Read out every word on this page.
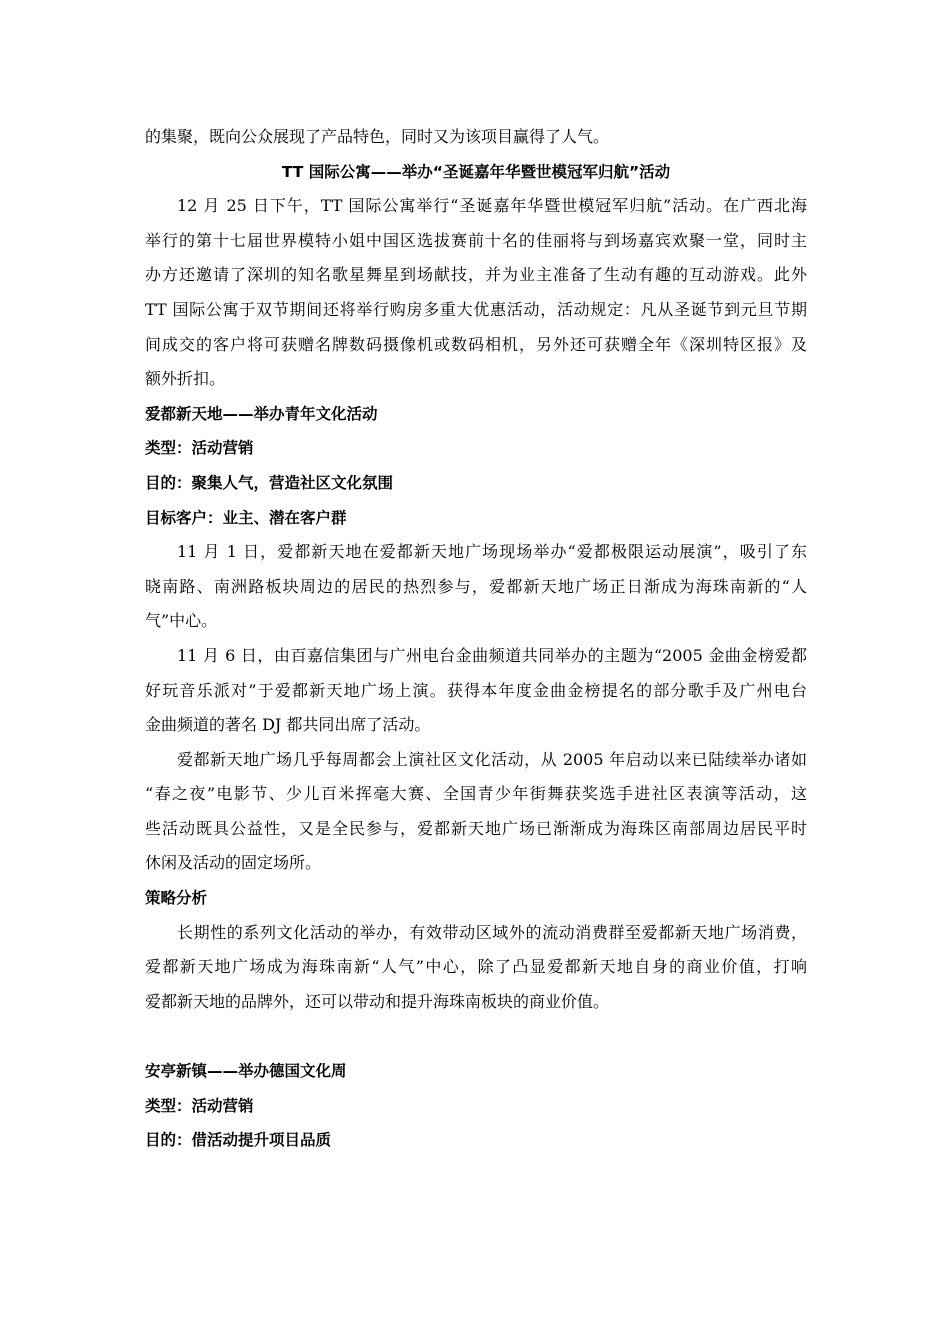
的集聚，既向公众展现了产品特色，同时又为该项目赢得了人气。

TT 国际公寓——举办“圣诞嘉年华暨世模冠军归航”活动

12 月 25 日下午，TT 国际公寓举行“圣诞嘉年华暨世模冠军归航”活动。在广西北海

举行的第十七届世界模特小姐中国区选拔赛前十名的佳丽将与到场嘉宾欢聚一堂，同时主

办方还邀请了深圳的知名歌星舞星到场献技，并为业主准备了生动有趣的互动游戏。此外

TT 国际公寓于双节期间还将举行购房多重大优惠活动，活动规定：凡从圣诞节到元旦节期

间成交的客户将可获赠名牌数码摄像机或数码相机，另外还可获赠全年《深圳特区报》及

额外折扣。

爱都新天地——举办青年文化活动

类型：活动营销

目的：聚集人气，营造社区文化氛围

目标客户：业主、潜在客户群

11 月 1 日，爱都新天地在爱都新天地广场现场举办“爱都极限运动展演”，吸引了东

晓南路、南洲路板块周边的居民的热烈参与，爱都新天地广场正日渐成为海珠南新的“人

气”中心。

11 月 6 日，由百嘉信集团与广州电台金曲频道共同举办的主题为“2005 金曲金榜爱都

好玩音乐派对”于爱都新天地广场上演。获得本年度金曲金榜提名的部分歌手及广州电台

金曲频道的著名 DJ 都共同出席了活动。

爱都新天地广场几乎每周都会上演社区文化活动，从 2005 年启动以来已陆续举办诸如

“春之夜”电影节、少儿百米挥毫大赛、全国青少年街舞获奖选手进社区表演等活动，这

些活动既具公益性，又是全民参与，爱都新天地广场已渐渐成为海珠区南部周边居民平时

休闲及活动的固定场所。

策略分析

长期性的系列文化活动的举办，有效带动区域外的流动消费群至爱都新天地广场消费，

爱都新天地广场成为海珠南新“人气”中心，除了凸显爱都新天地自身的商业价值，打响

爱都新天地的品牌外，还可以带动和提升海珠南板块的商业价值。

安亭新镇——举办德国文化周

类型：活动营销

目的：借活动提升项目品质
